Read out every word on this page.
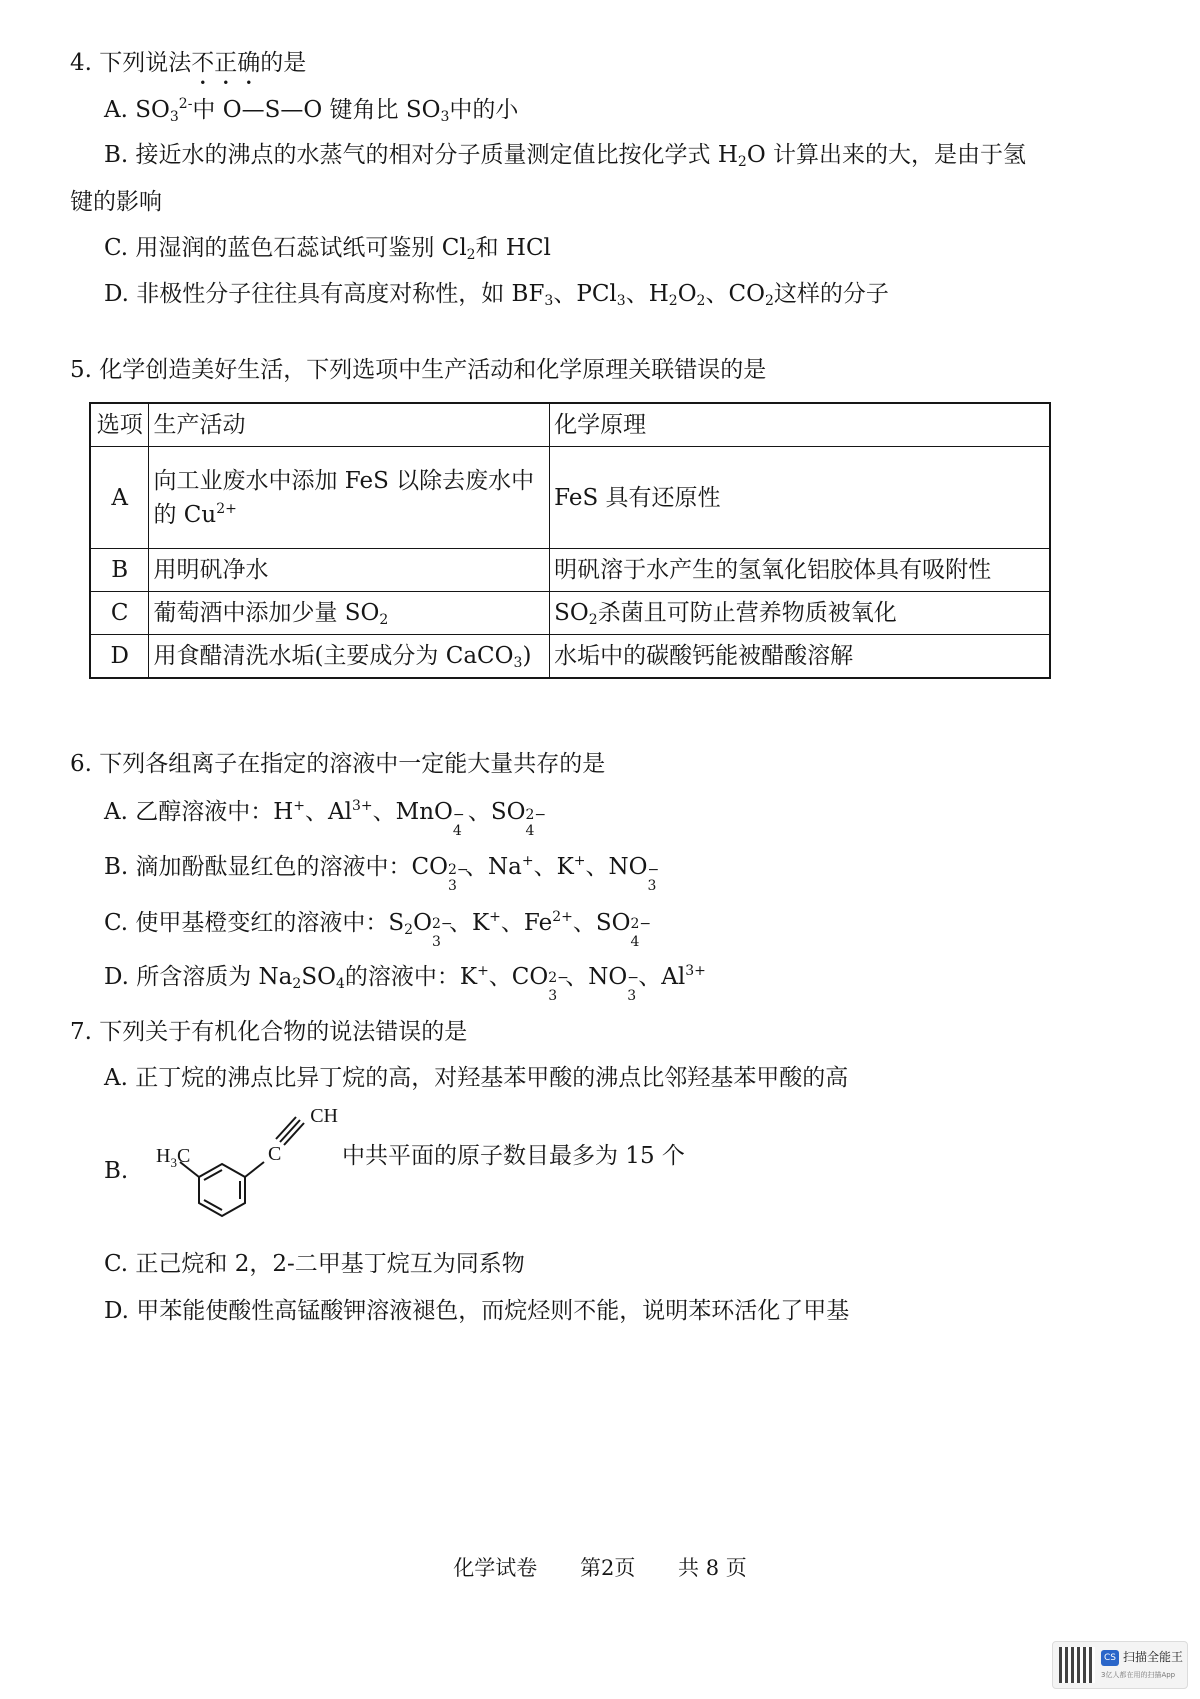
4. 下列说法不正确的是
A. $SO_3^{2-}$中 O—S—O 键角比 $SO_3$中的小
B. 接近水的沸点的水蒸气的相对分子质量测定值比按化学式 $H_2O$ 计算出来的大，是由于氢
键的影响
C. 用湿润的蓝色石蕊试纸可鉴别 $Cl_2$和 HCl
D. 非极性分子往往具有高度对称性，如 $BF_3$、PCl$_3$、$H_2O_2$、$CO_2$这样的分子
5. 化学创造美好生活，下列选项中生产活动和化学原理关联错误的是
选项	生产活动	化学原理
A	向工业废水中添加 FeS 以除去废水中
的 $Cu^{2+}$	FeS 具有还原性
B	用明矾净水	明矾溶于水产生的氢氧化铝胶体具有吸附性
C	葡萄酒中添加少量 $SO_2$	$SO_2$杀菌且可防止营养物质被氧化
D	用食醋清洗水垢(主要成分为 CaCO$_3$)	水垢中的碳酸钙能被醋酸溶解
6. 下列各组离子在指定的溶液中一定能大量共存的是
A. 乙醇溶液中：H+、$Al^{3+}$、MnO −
4
、SO 2−
4
B. 滴加酚酞显红色的溶液中：CO 2−
3
、Na+、K+、NO −
3
C. 使甲基橙变红的溶液中：$S_2O$ 2−
3
、K+、$Fe^{2+}$、SO 2−
4
D. 所含溶质为 $Na_2SO_4$的溶液中：K+、CO 2−
3
、NO −
3
、$Al^{3+}$
7. 下列关于有机化合物的说法错误的是
A. 正丁烷的沸点比异丁烷的高，对羟基苯甲酸的沸点比邻羟基苯甲酸的高
B.
CH
C
$H_3C$	中共平面的原子数目最多为 15 个
C. 正己烷和 2，2-二甲基丁烷互为同系物
D. 甲苯能使酸性高锰酸钾溶液褪色，而烷烃则不能，说明苯环活化了甲基
化学试卷 第2页 共 8 页
CS 扫描全能王
3亿人都在用的扫描App
